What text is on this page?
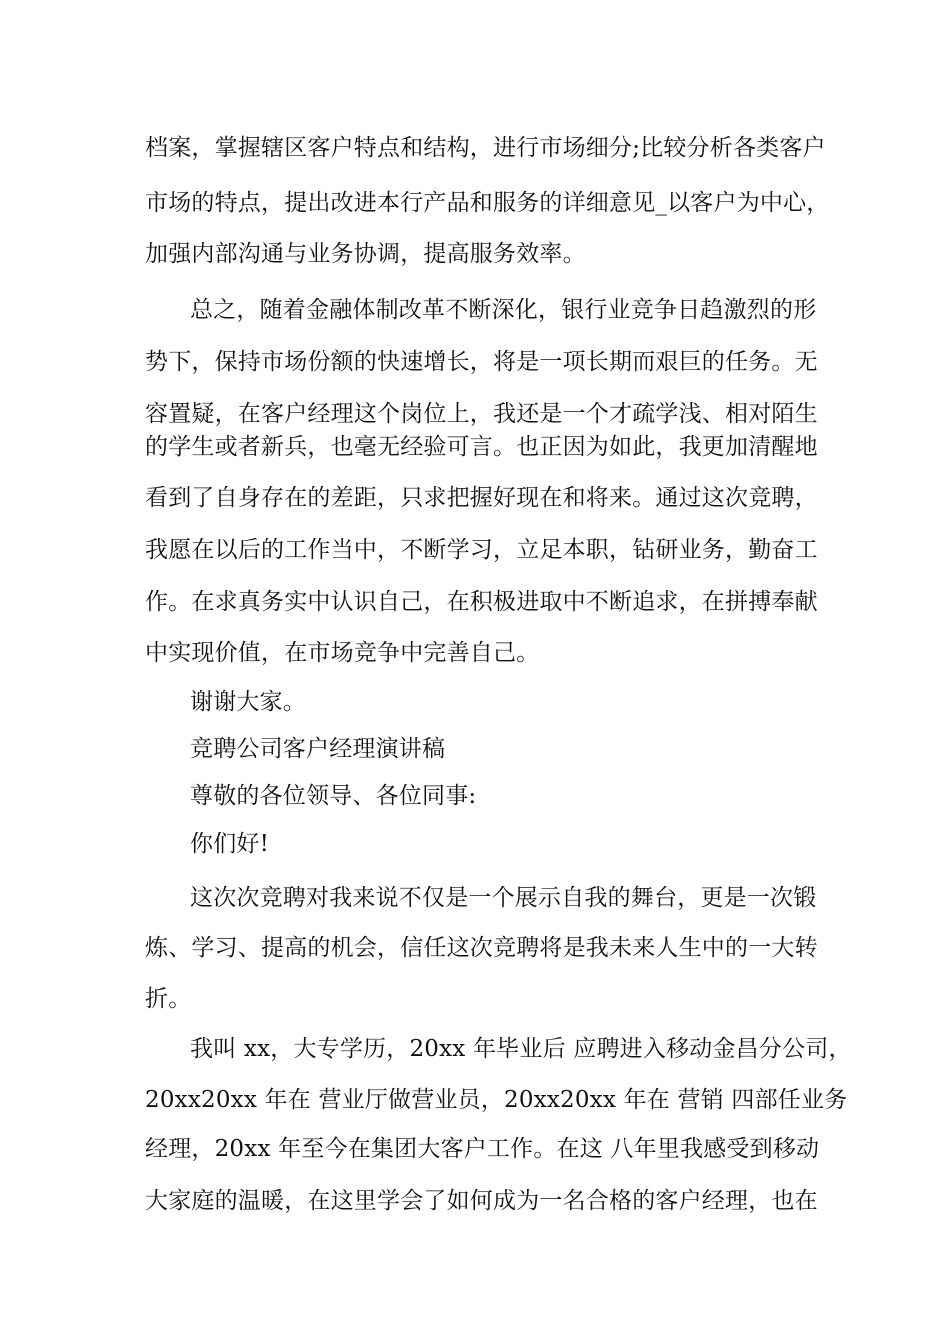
档案，掌握辖区客户特点和结构，进行市场细分;比较分析各类客户
市场的特点，提出改进本行产品和服务的详细意见_以客户为中心，
加强内部沟通与业务协调，提高服务效率。
总之，随着金融体制改革不断深化，银行业竞争日趋激烈的形
势下，保持市场份额的快速增长，将是一项长期而艰巨的任务。无
容置疑，在客户经理这个岗位上，我还是一个才疏学浅、相对陌生
的学生或者新兵，也毫无经验可言。也正因为如此，我更加清醒地
看到了自身存在的差距，只求把握好现在和将来。通过这次竞聘，
我愿在以后的工作当中，不断学习，立足本职，钻研业务，勤奋工
作。在求真务实中认识自己，在积极进取中不断追求，在拼搏奉献
中实现价值，在市场竞争中完善自己。
谢谢大家。
竞聘公司客户经理演讲稿
尊敬的各位领导、各位同事:
你们好!
这次次竞聘对我来说不仅是一个展示自我的舞台，更是一次锻
炼、学习、提高的机会，信任这次竞聘将是我未来人生中的一大转
折。
我叫 xx，大专学历，20xx 年毕业后 应聘进入移动金昌分公司，
20xx20xx 年在 营业厅做营业员，20xx20xx 年在 营销 四部任业务
经理，20xx 年至今在集团大客户工作。在这 八年里我感受到移动
大家庭的温暖，在这里学会了如何成为一名合格的客户经理，也在
